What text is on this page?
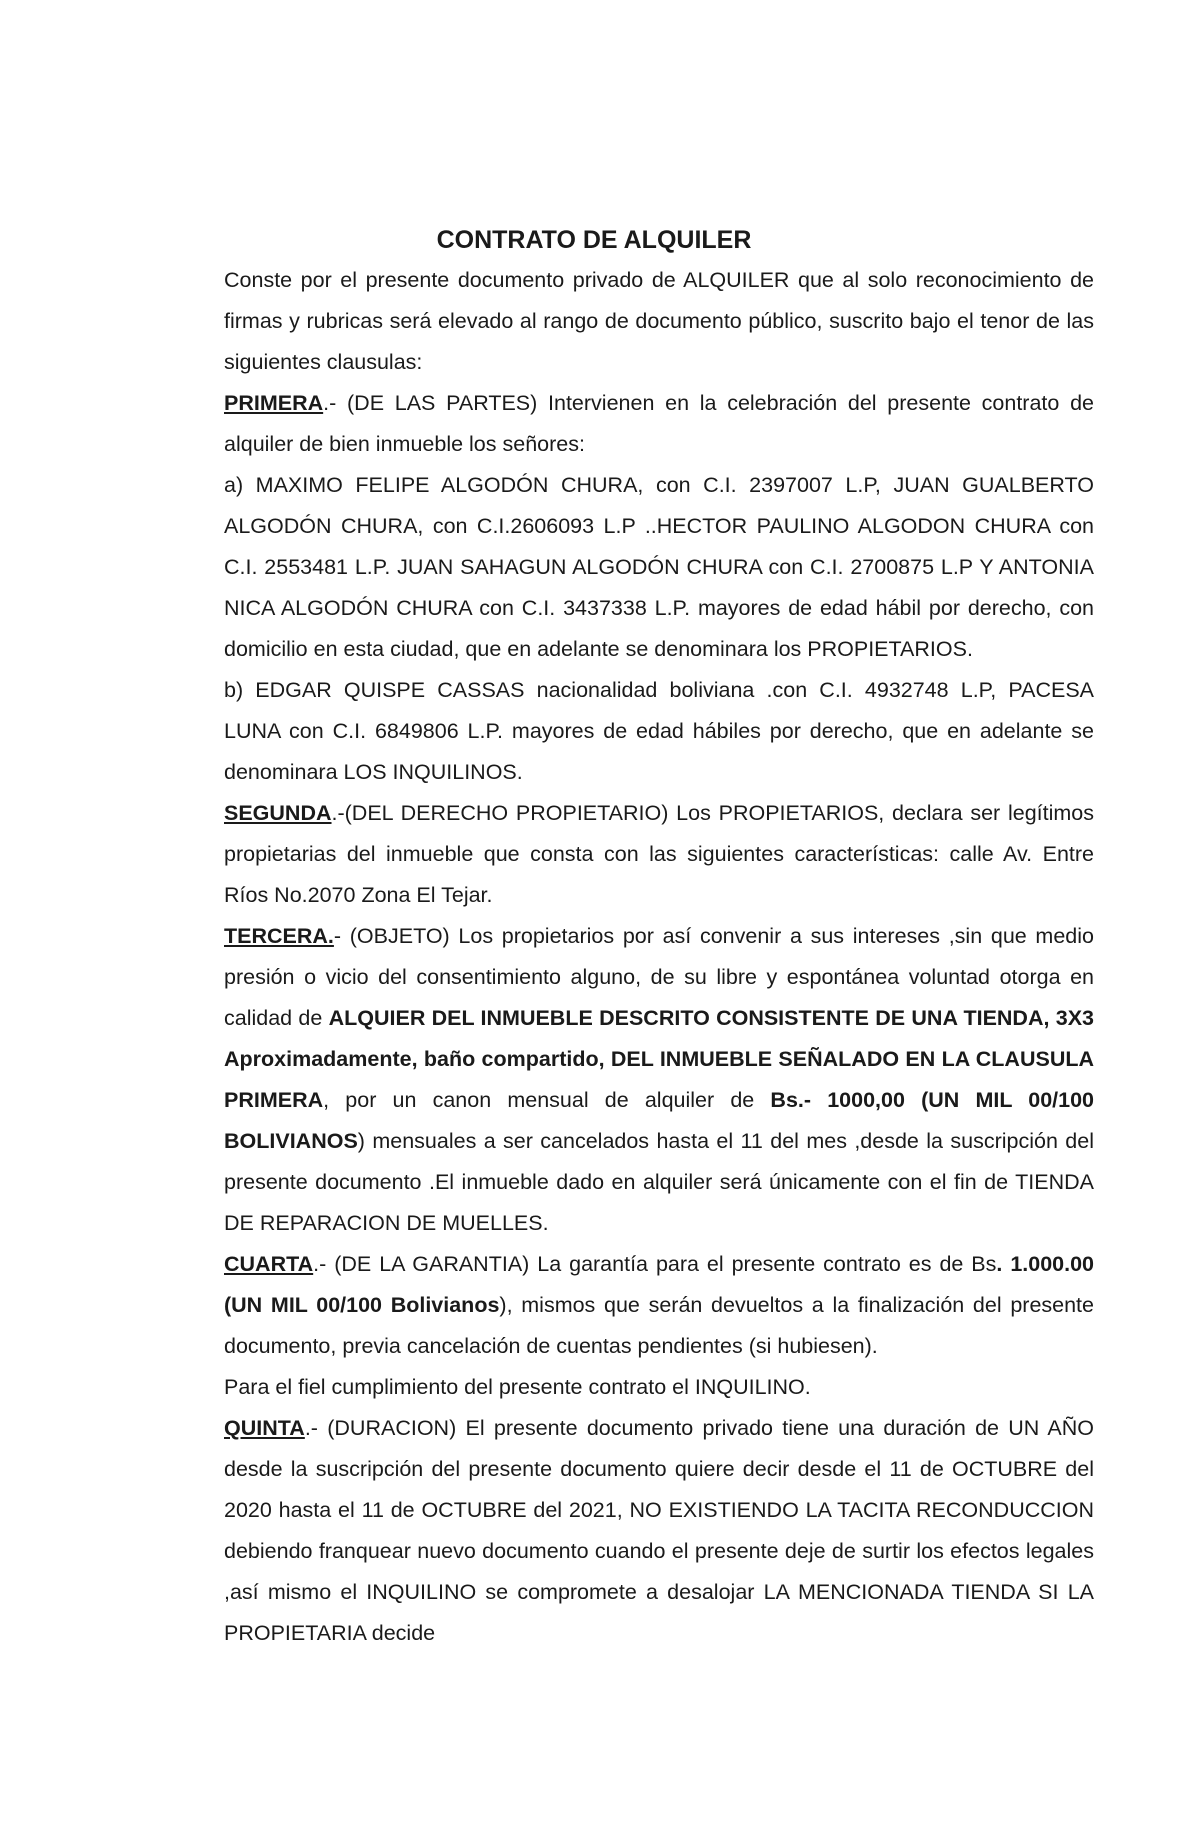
CONTRATO DE ALQUILER

Conste por el presente documento privado de ALQUILER que al solo reconocimiento de firmas y rubricas será elevado al rango de documento público, suscrito bajo el tenor de las siguientes clausulas:

PRIMERA.- (DE LAS PARTES) Intervienen en la celebración del presente contrato de alquiler de bien inmueble los señores:

a) MAXIMO FELIPE ALGODÓN CHURA, con C.I. 2397007 L.P, JUAN GUALBERTO ALGODÓN CHURA, con C.I.2606093 L.P ..HECTOR PAULINO ALGODON CHURA con C.I. 2553481 L.P. JUAN SAHAGUN ALGODÓN CHURA con C.I. 2700875 L.P Y ANTONIA NICA ALGODÓN CHURA con C.I. 3437338 L.P. mayores de edad hábil por derecho, con domicilio en esta ciudad, que en adelante se denominara los PROPIETARIOS.

b) EDGAR QUISPE CASSAS nacionalidad boliviana .con C.I. 4932748 L.P, PACESA LUNA con C.I. 6849806 L.P. mayores de edad hábiles por derecho, que en adelante se denominara LOS INQUILINOS.

SEGUNDA.-(DEL DERECHO PROPIETARIO) Los PROPIETARIOS, declara ser legítimos propietarias del inmueble que consta con las siguientes características: calle Av. Entre Ríos No.2070 Zona El Tejar.

TERCERA.- (OBJETO) Los propietarios por así convenir a sus intereses ,sin que medio presión o vicio del consentimiento alguno, de su libre y espontánea voluntad otorga en calidad de ALQUIER DEL INMUEBLE DESCRITO CONSISTENTE DE UNA TIENDA, 3X3 Aproximadamente, baño compartido, DEL INMUEBLE SEÑALADO EN LA CLAUSULA PRIMERA, por un canon mensual de alquiler de Bs.- 1000,00 (UN MIL 00/100 BOLIVIANOS) mensuales a ser cancelados hasta el 11 del mes ,desde la suscripción del presente documento .El inmueble dado en alquiler será únicamente con el fin de TIENDA DE REPARACION DE MUELLES.

CUARTA.- (DE LA GARANTIA) La garantía para el presente contrato es de Bs. 1.000.00 (UN MIL 00/100 Bolivianos), mismos que serán devueltos a la finalización del presente documento, previa cancelación de cuentas pendientes (si hubiesen).

Para el fiel cumplimiento del presente contrato el INQUILINO.

QUINTA.- (DURACION) El presente documento privado tiene una duración de UN AÑO desde la suscripción del presente documento quiere decir desde el 11 de OCTUBRE del 2020 hasta el 11 de OCTUBRE del 2021, NO EXISTIENDO LA TACITA RECONDUCCION debiendo franquear nuevo documento cuando el presente deje de surtir los efectos legales ,así mismo el INQUILINO se compromete a desalojar LA MENCIONADA TIENDA SI LA PROPIETARIA decide
